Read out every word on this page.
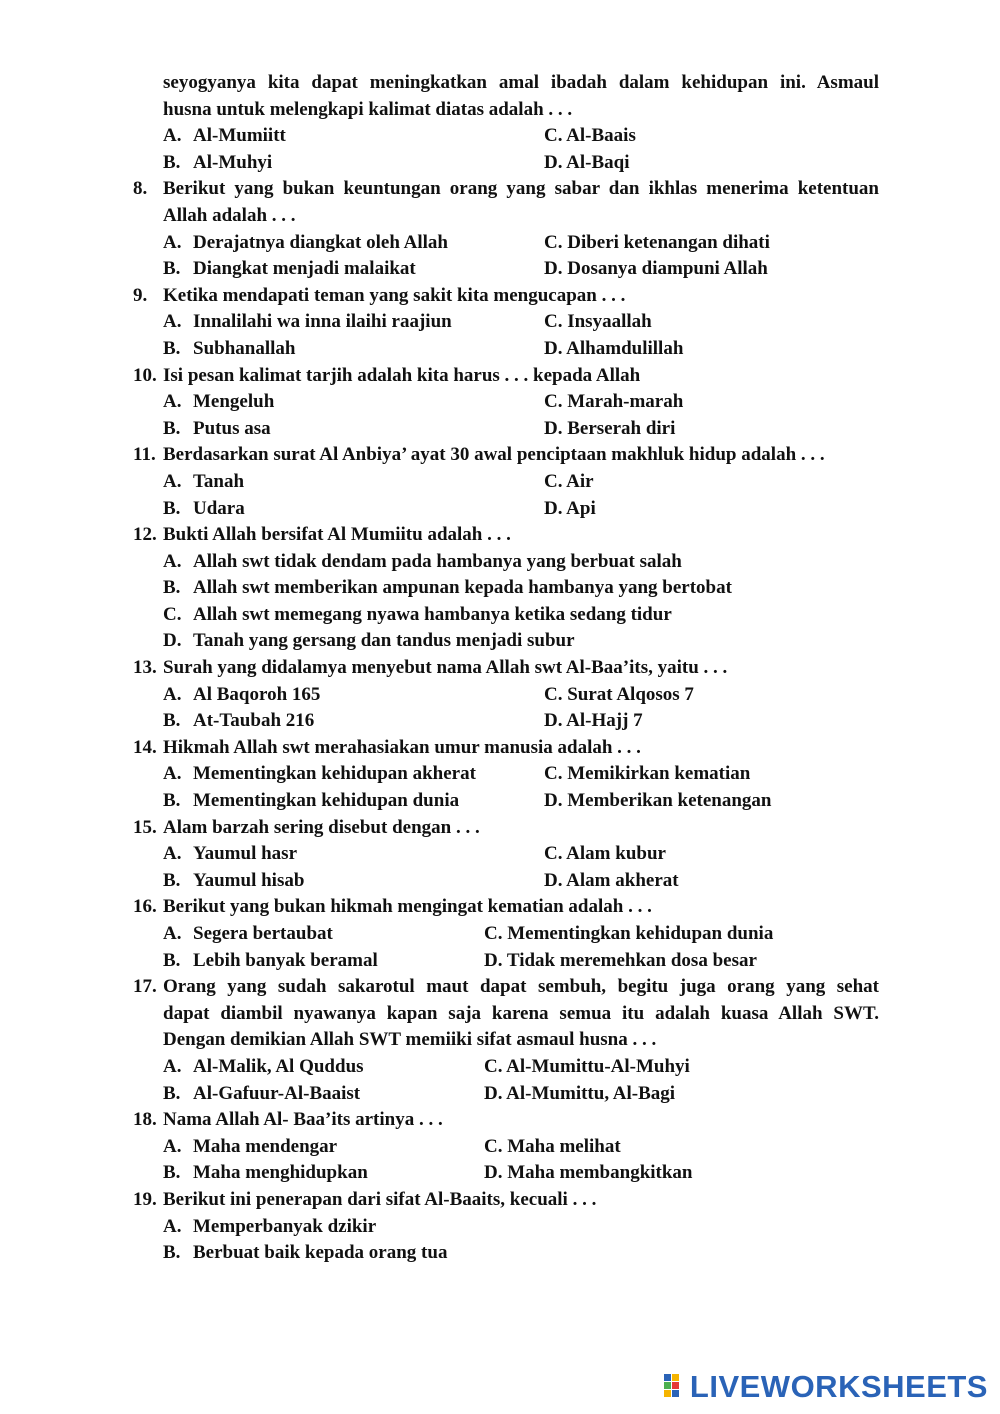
seyogyanya kita dapat meningkatkan amal ibadah dalam kehidupan ini. Asmaul
husna untuk melengkapi kalimat diatas adalah . . .
A. Al-Mumiitt	C. Al-Baais
B. Al-Muhyi	D. Al-Baqi
8. Berikut yang bukan keuntungan orang yang sabar dan ikhlas menerima ketentuan
Allah adalah . . .
A. Derajatnya diangkat oleh Allah	C. Diberi ketenangan dihati
B. Diangkat menjadi malaikat	D. Dosanya diampuni Allah
9. Ketika mendapati teman yang sakit kita mengucapan . . .
A. Innalilahi wa inna ilaihi raajiun	C. Insyaallah
B. Subhanallah	D. Alhamdulillah
10. Isi pesan kalimat tarjih adalah kita harus . . . kepada Allah
A. Mengeluh	C. Marah-marah
B. Putus asa	D. Berserah diri
11. Berdasarkan surat Al Anbiya’ ayat 30 awal penciptaan makhluk hidup adalah . . .
A. Tanah	C. Air
B. Udara	D. Api
12. Bukti Allah bersifat Al Mumiitu adalah . . .
A. Allah swt tidak dendam pada hambanya yang berbuat salah
B. Allah swt memberikan ampunan kepada hambanya yang bertobat
C. Allah swt memegang nyawa hambanya ketika sedang tidur
D. Tanah yang gersang dan tandus menjadi subur
13. Surah yang didalamya menyebut nama Allah swt Al-Baa’its, yaitu . . .
A. Al Baqoroh 165	C. Surat Alqosos 7
B. At-Taubah 216	D. Al-Hajj 7
14. Hikmah Allah swt merahasiakan umur manusia adalah . . .
A. Mementingkan kehidupan akherat	C. Memikirkan kematian
B. Mementingkan kehidupan dunia	D. Memberikan ketenangan
15. Alam barzah sering disebut dengan . . .
A. Yaumul hasr	C. Alam kubur
B. Yaumul hisab	D. Alam akherat
16. Berikut yang bukan hikmah mengingat kematian adalah . . .
A. Segera bertaubat	C. Mementingkan kehidupan dunia
B. Lebih banyak beramal	D. Tidak meremehkan dosa besar
17. Orang yang sudah sakarotul maut dapat sembuh, begitu juga orang yang sehat
dapat diambil nyawanya kapan saja karena semua itu adalah kuasa Allah SWT.
Dengan demikian Allah SWT memiiki sifat asmaul husna . . .
A. Al-Malik, Al Quddus	C. Al-Mumittu-Al-Muhyi
B. Al-Gafuur-Al-Baaist	D. Al-Mumittu, Al-Bagi
18. Nama Allah Al- Baa’its artinya . . .
A. Maha mendengar	C. Maha melihat
B. Maha menghidupkan	D. Maha membangkitkan
19. Berikut ini penerapan dari sifat Al-Baaits, kecuali . . .
A. Memperbanyak dzikir
B. Berbuat baik kepada orang tua
LIVEWORKSHEETS
